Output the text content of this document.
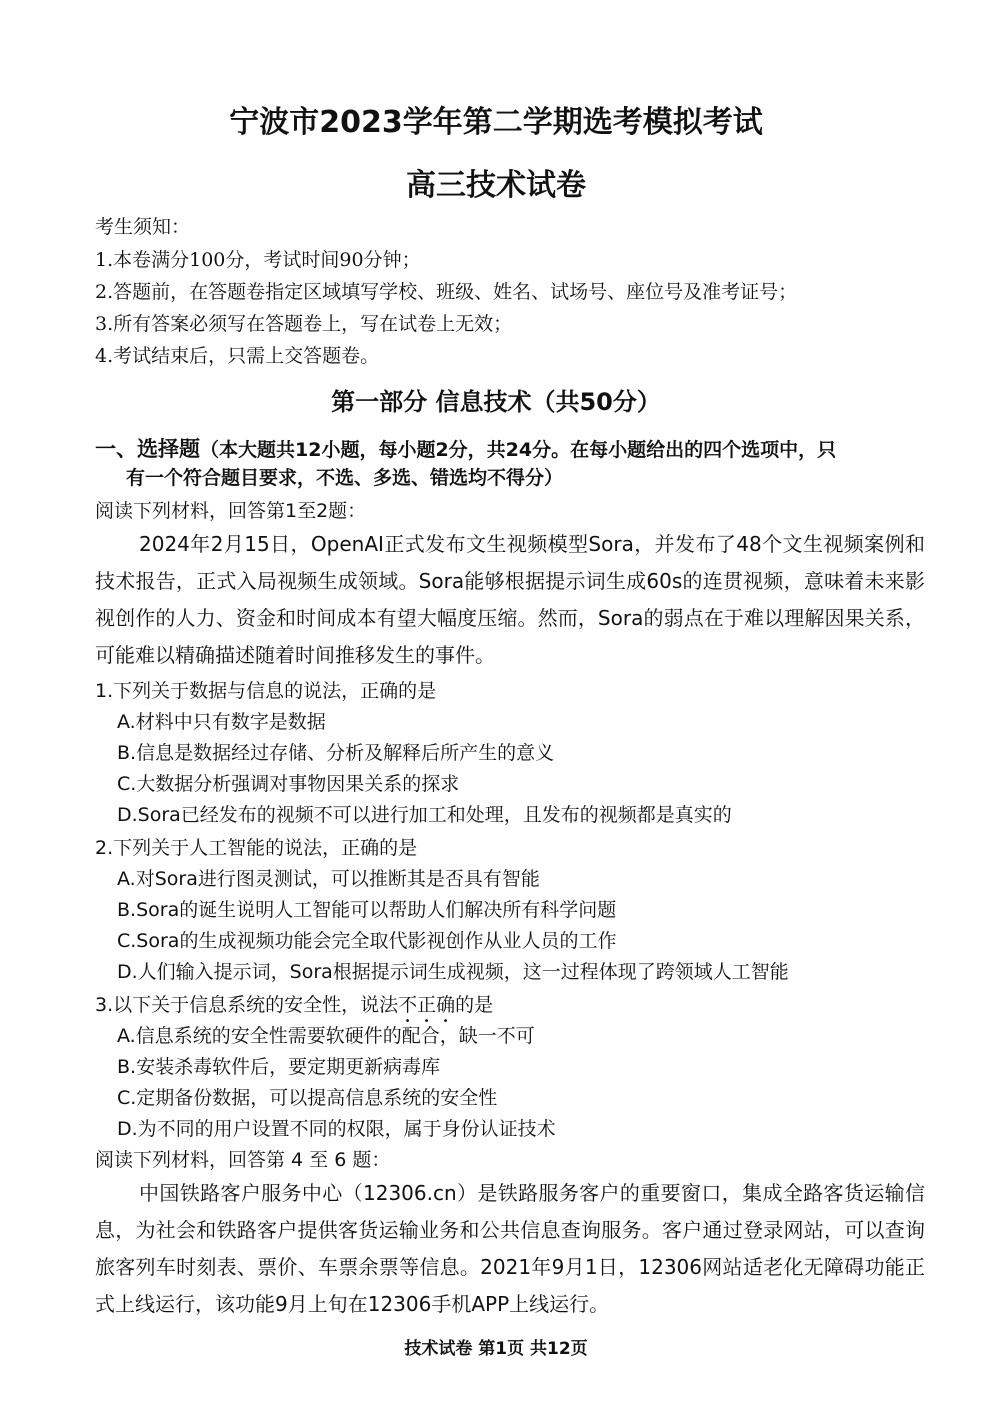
宁波市2023学年第二学期选考模拟考试
高三技术试卷
考生须知：
1.本卷满分100分，考试时间90分钟；
2.答题前，在答题卷指定区域填写学校、班级、姓名、试场号、座位号及准考证号；
3.所有答案必须写在答题卷上，写在试卷上无效；
4.考试结束后，只需上交答题卷。
第一部分 信息技术（共50分）
一、选择题（本大题共12小题，每小题2分，共24分。在每小题给出的四个选项中，只
有一个符合题目要求，不选、多选、错选均不得分）
阅读下列材料，回答第1至2题：
2024年2月15日，OpenAI正式发布文生视频模型Sora，并发布了48个文生视频案例和技术报告，正式入局视频生成领域。Sora能够根据提示词生成60s的连贯视频，意味着未来影视创作的人力、资金和时间成本有望大幅度压缩。然而，Sora的弱点在于难以理解因果关系，可能难以精确描述随着时间推移发生的事件。
1.下列关于数据与信息的说法，正确的是
A.材料中只有数字是数据
B.信息是数据经过存储、分析及解释后所产生的意义
C.大数据分析强调对事物因果关系的探求
D.Sora已经发布的视频不可以进行加工和处理，且发布的视频都是真实的
2.下列关于人工智能的说法，正确的是
A.对Sora进行图灵测试，可以推断其是否具有智能
B.Sora的诞生说明人工智能可以帮助人们解决所有科学问题
C.Sora的生成视频功能会完全取代影视创作从业人员的工作
D.人们输入提示词，Sora根据提示词生成视频，这一过程体现了跨领域人工智能
3.以下关于信息系统的安全性，说法不正确的是
A.信息系统的安全性需要软硬件的配合，缺一不可
B.安装杀毒软件后，要定期更新病毒库
C.定期备份数据，可以提高信息系统的安全性
D.为不同的用户设置不同的权限，属于身份认证技术
阅读下列材料，回答第 4 至 6 题：
中国铁路客户服务中心（12306.cn）是铁路服务客户的重要窗口，集成全路客货运输信息，为社会和铁路客户提供客货运输业务和公共信息查询服务。客户通过登录网站，可以查询旅客列车时刻表、票价、车票余票等信息。2021年9月1日，12306网站适老化无障碍功能正式上线运行，该功能9月上旬在12306手机APP上线运行。
技术试卷 第1页 共12页
